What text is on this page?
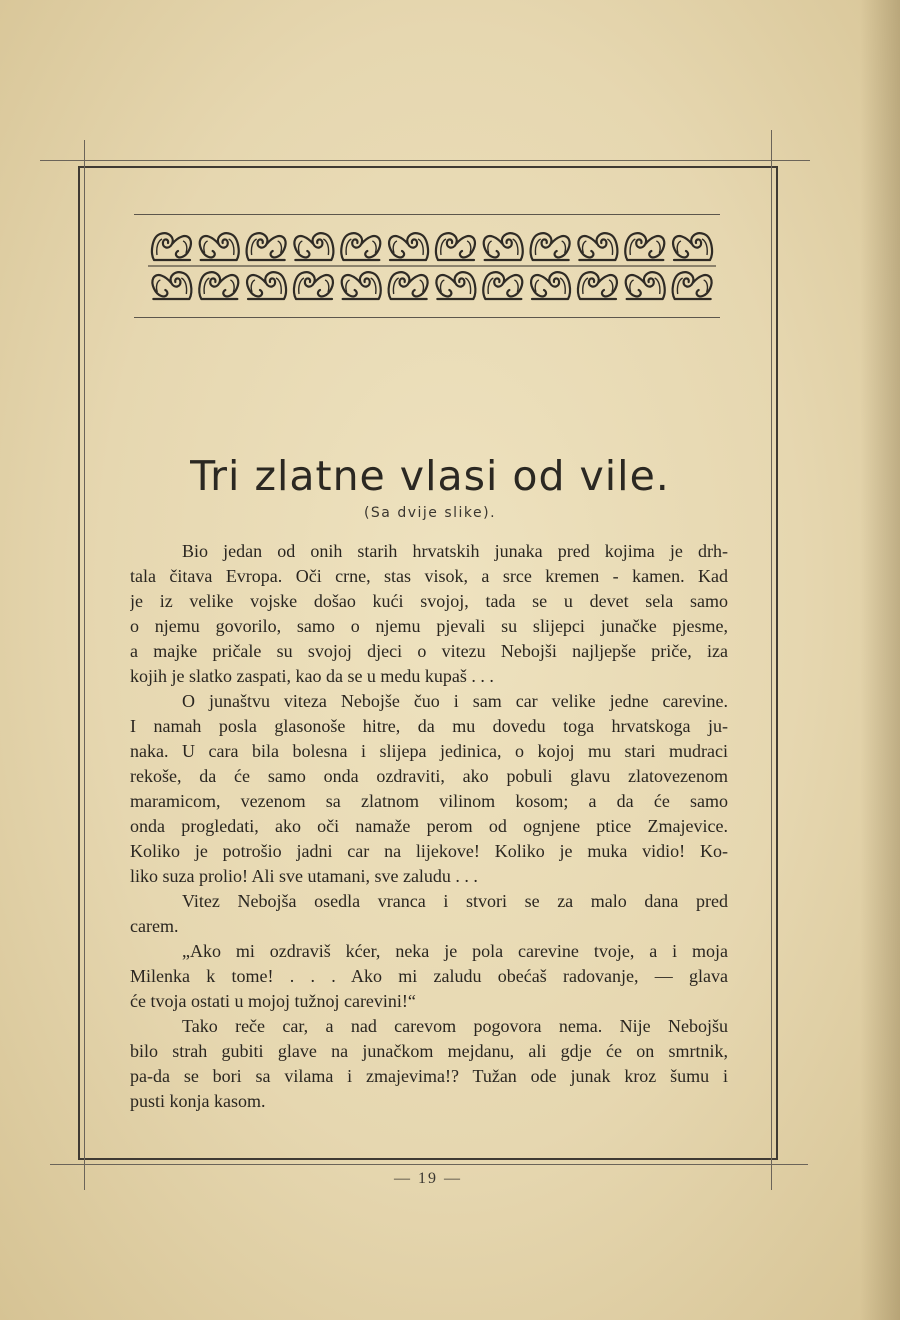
Tri zlatne vlasi od vile.
(Sa dvije slike).
Bio jedan od onih starih hrvatskih junaka pred kojima je drh-
tala čitava Evropa. Oči crne, stas visok, a srce kremen - kamen. Kad
je iz velike vojske došao kući svojoj, tada se u devet sela samo
o njemu govorilo, samo o njemu pjevali su slijepci junačke pjesme,
a majke pričale su svojoj djeci o vitezu Nebojši najljepše priče, iza
kojih je slatko zaspati, kao da se u medu kupaš . . .
O junaštvu viteza Nebojše čuo i sam car velike jedne carevine.
I namah posla glasonoše hitre, da mu dovedu toga hrvatskoga ju-
naka. U cara bila bolesna i slijepa jedinica, o kojoj mu stari mudraci
rekoše, da će samo onda ozdraviti, ako pobuli glavu zlatovezenom
maramicom, vezenom sa zlatnom vilinom kosom; a da će samo
onda progledati, ako oči namaže perom od ognjene ptice Zmajevice.
Koliko je potrošio jadni car na lijekove! Koliko je muka vidio! Ko-
liko suza prolio! Ali sve utamani, sve zaludu . . .
Vitez Nebojša osedla vranca i stvori se za malo dana pred
carem.
„Ako mi ozdraviš kćer, neka je pola carevine tvoje, a i moja
Milenka k tome! . . . Ako mi zaludu obećaš radovanje, — glava
će tvoja ostati u mojoj tužnoj carevini!“
Tako reče car, a nad carevom pogovora nema. Nije Nebojšu
bilo strah gubiti glave na junačkom mejdanu, ali gdje će on smrtnik,
pa-da se bori sa vilama i zmajevima!? Tužan ode junak kroz šumu i
pusti konja kasom.
— 19 —
